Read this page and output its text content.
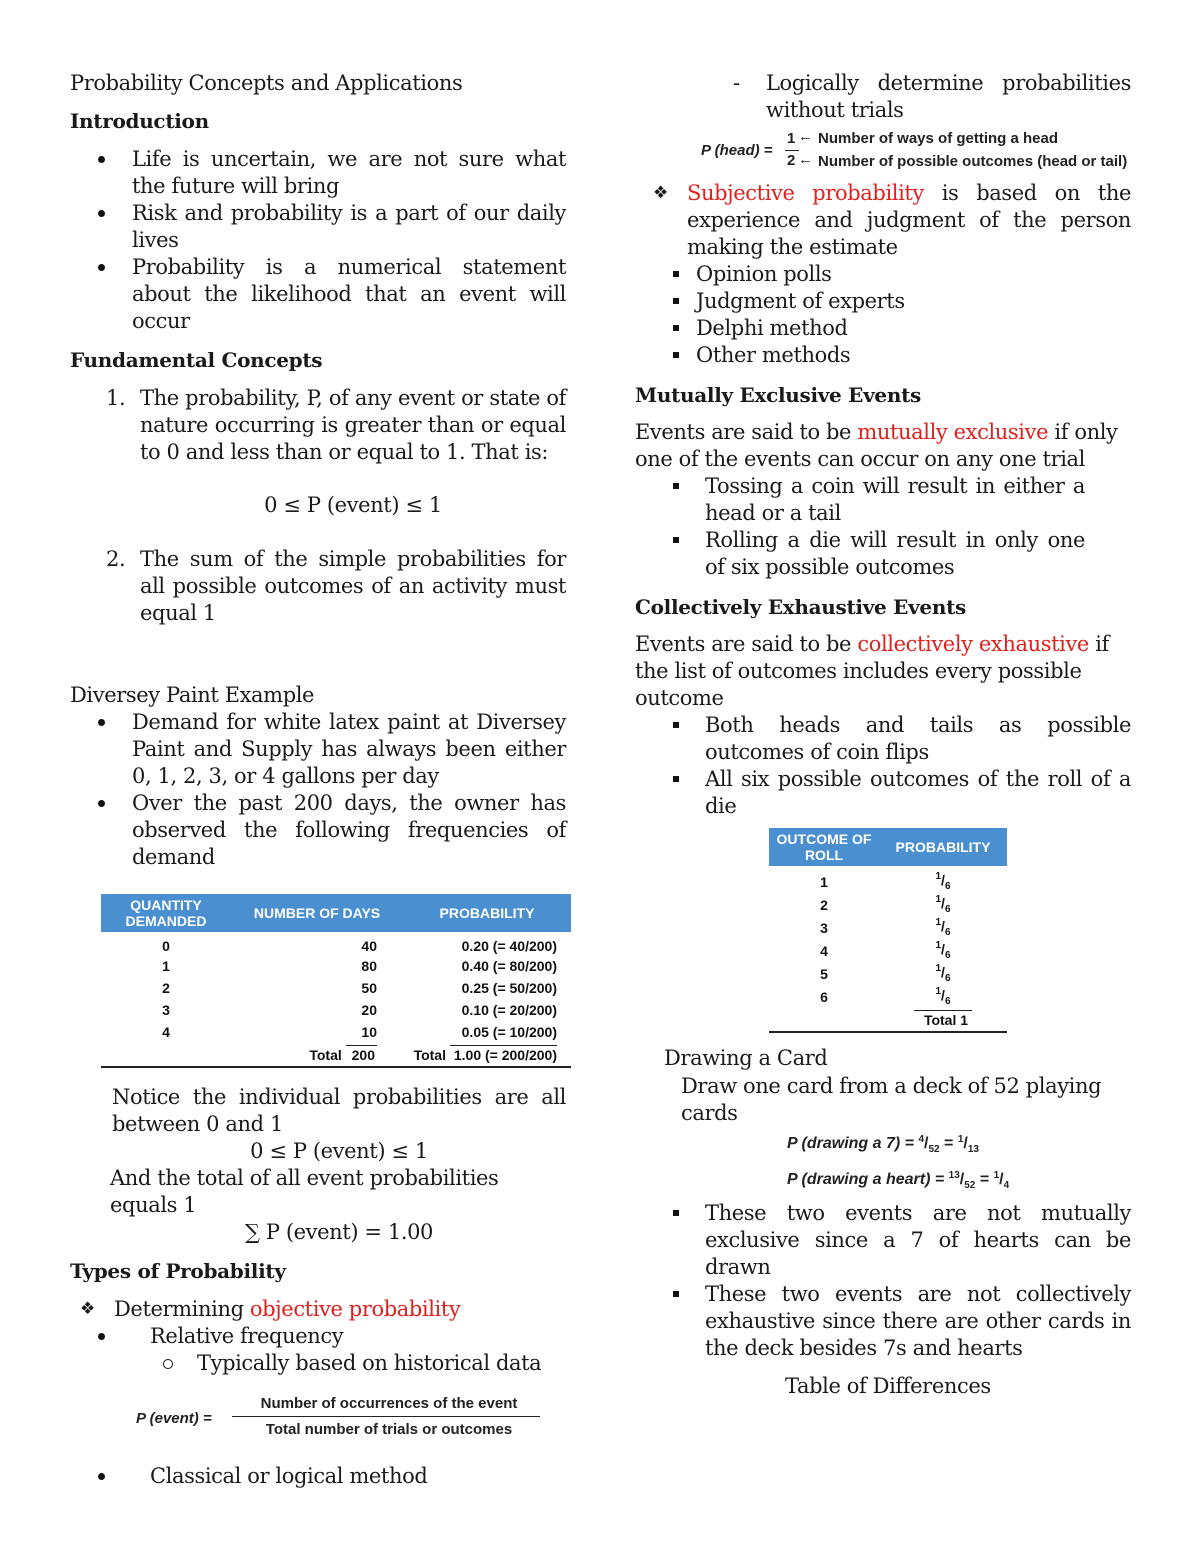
Probability Concepts and Applications

Introduction
Life is uncertain, we are not sure what the future will bring
Risk and probability is a part of our daily lives
Probability is a numerical statement about the likelihood that an event will occur
Fundamental Concepts
1. The probability, P, of any event or state of nature occurring is greater than or equal to 0 and less than or equal to 1. That is:

0 ≤ P (event) ≤ 1

2. The sum of the simple probabilities for all possible outcomes of an activity must equal 1

Diversey Paint Example

Demand for white latex paint at Diversey Paint and Supply has always been either 0, 1, 2, 3, or 4 gallons per day
Over the past 200 days, the owner has observed the following frequencies of demand
QUANTITY DEMANDED	NUMBER OF DAYS	PROBABILITY
0	40	0.20 (= 40/200)
1	80	0.40 (= 80/200)
2	50	0.25 (= 50/200)
3	20	0.10 (= 20/200)
4	10	0.05 (= 10/200)
	Total 200	Total 1.00 (= 200/200)

Notice the individual probabilities are all between 0 and 1

0 ≤ P (event) ≤ 1

And the total of all event probabilities equals 1

∑ P (event) = 1.00

Types of Probability
❖ Determining objective probability
Relative frequency
Typically based on historical data
P (event) =
Number of occurrences of the event
Total number of trials or outcomes
Classical or logical method
- Logically determine probabilities without trials
P (head) =
1
2
←
←
Number of ways of getting a head
Number of possible outcomes (head or tail)
❖ Subjective probability is based on the experience and judgment of the person making the estimate
Opinion polls
Judgment of experts
Delphi method
Other methods
Mutually Exclusive Events

Events are said to be mutually exclusive if only one of the events can occur on any one trial

Tossing a coin will result in either a head or a tail
Rolling a die will result in only one of six possible outcomes
Collectively Exhaustive Events

Events are said to be collectively exhaustive if the list of outcomes includes every possible outcome

Both heads and tails as possible outcomes of coin flips
All six possible outcomes of the roll of a die
OUTCOME OF ROLL	PROBABILITY
1	$^1/_6$
2	$^1/_6$
3	$^1/_6$
4	$^1/_6$
5	$^1/_6$
6	$^1/_6$
	Total 1

Drawing a Card

Draw one card from a deck of 52 playing cards

P (drawing a $7) = ^4/_{52} = ^1/_{13}$

P (drawing a heart) = $^{13}/_{52} = ^1/_4$

These two events are not mutually exclusive since a 7 of hearts can be drawn
These two events are not collectively exhaustive since there are other cards in the deck besides 7s and hearts

Table of Differences
